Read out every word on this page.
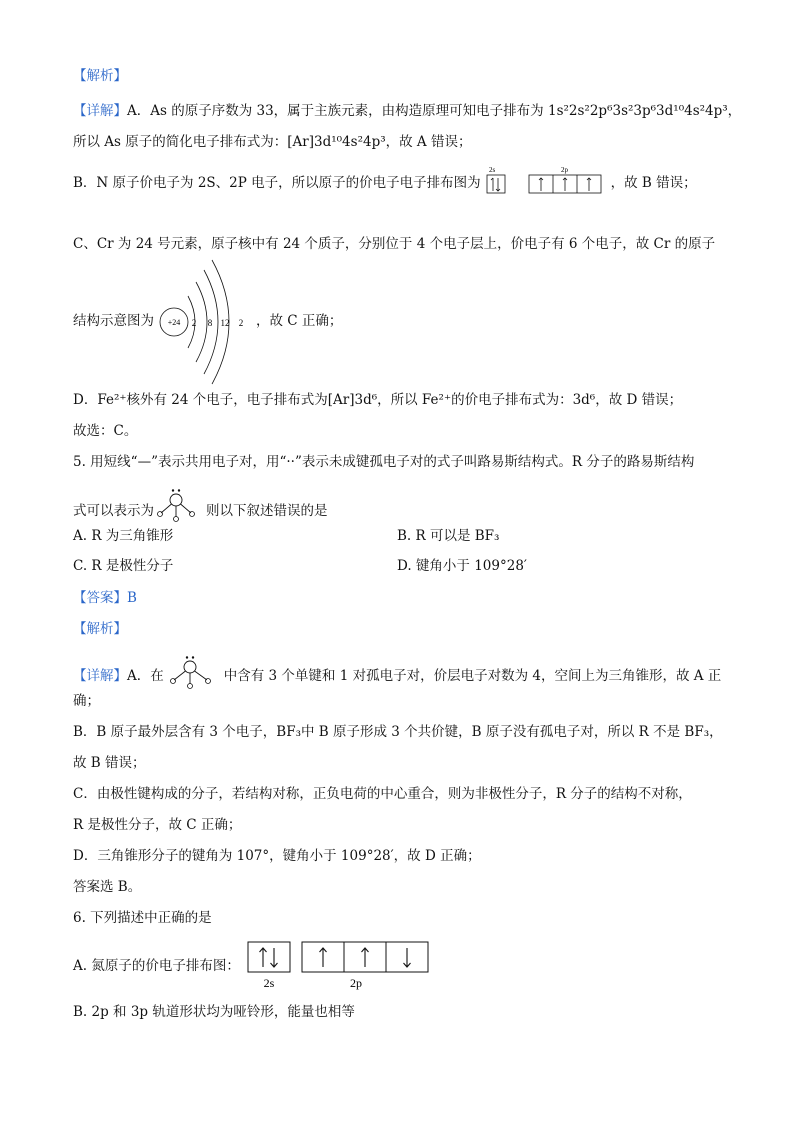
【解析】
【详解】A．As 的原子序数为 33，属于主族元素，由构造原理可知电子排布为 1s²2s²2p⁶3s²3p⁶3d¹⁰4s²4p³，
所以 As 原子的简化电子排布式为：[Ar]3d¹⁰4s²4p³，故 A 错误；
B．N 原子价电子为 2S、2P 电子，所以原子的价电子电子排布图为
2s	2p
，故 B 错误；
C、Cr 为 24 号元素，原子核中有 24 个质子，分别位于 4 个电子层上，价电子有 6 个电子，故 Cr 的原子
结构示意图为 +24 2 8 12 2 ，故 C 正确；
D．Fe²⁺核外有 24 个电子，电子排布式为[Ar]3d⁶，所以 Fe²⁺的价电子排布式为：3d⁶，故 D 错误；
故选：C。
5. 用短线“—”表示共用电子对，用“··”表示未成键孤电子对的式子叫路易斯结构式。R 分子的路易斯结构
式可以表示为	则以下叙述错误的是
A. R 为三角锥形	B. R 可以是 BF₃
C. R 是极性分子	D. 键角小于 109°28′
【答案】B
【解析】
【详解】A．在	中含有 3 个单键和 1 对孤电子对，价层电子对数为 4，空间上为三角锥形，故 A 正
确；
B．B 原子最外层含有 3 个电子，BF₃中 B 原子形成 3 个共价键，B 原子没有孤电子对，所以 R 不是 BF₃，
故 B 错误；
C．由极性键构成的分子，若结构对称，正负电荷的中心重合，则为非极性分子，R 分子的结构不对称，
R 是极性分子，故 C 正确；
D．三角锥形分子的键角为 107°，键角小于 109°28′，故 D 正确；
答案选 B。
6. 下列描述中正确的是
A. 氮原子的价电子排布图：
2s	2p
B. 2p 和 3p 轨道形状均为哑铃形，能量也相等
